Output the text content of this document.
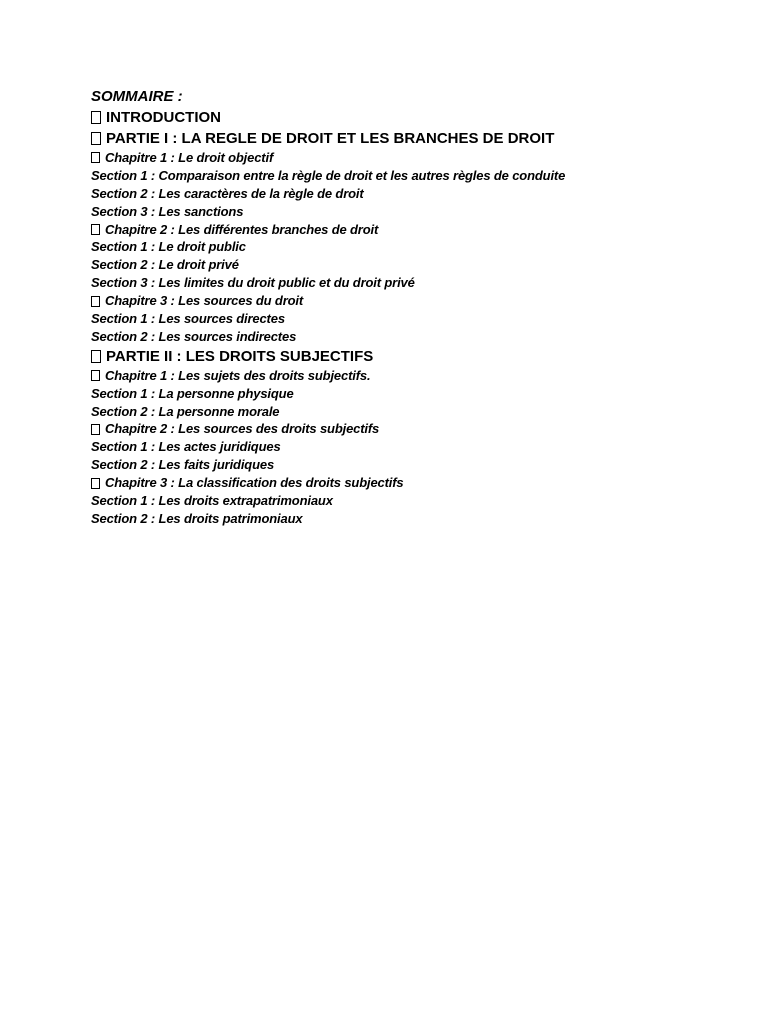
SOMMAIRE :
INTRODUCTION
PARTIE I : LA REGLE DE DROIT ET LES BRANCHES DE DROIT
Chapitre 1 : Le droit objectif
Section 1 : Comparaison entre la règle de droit et les autres règles de conduite
Section 2 : Les caractères de la règle de droit
Section 3 : Les sanctions
Chapitre 2 : Les différentes branches de droit
Section 1 : Le droit public
Section 2 : Le droit privé
Section 3 : Les limites du droit public et du droit privé
Chapitre 3 : Les sources du droit
Section 1 : Les sources directes
Section 2 : Les sources indirectes
PARTIE II : LES DROITS SUBJECTIFS
Chapitre 1 : Les sujets des droits subjectifs.
Section 1 : La personne physique
Section 2 : La personne morale
Chapitre 2 : Les sources des droits subjectifs
Section 1 : Les actes juridiques
Section 2 : Les faits juridiques
Chapitre 3 : La classification des droits subjectifs
Section 1 : Les droits extrapatrimoniaux
Section 2 : Les droits patrimoniaux
